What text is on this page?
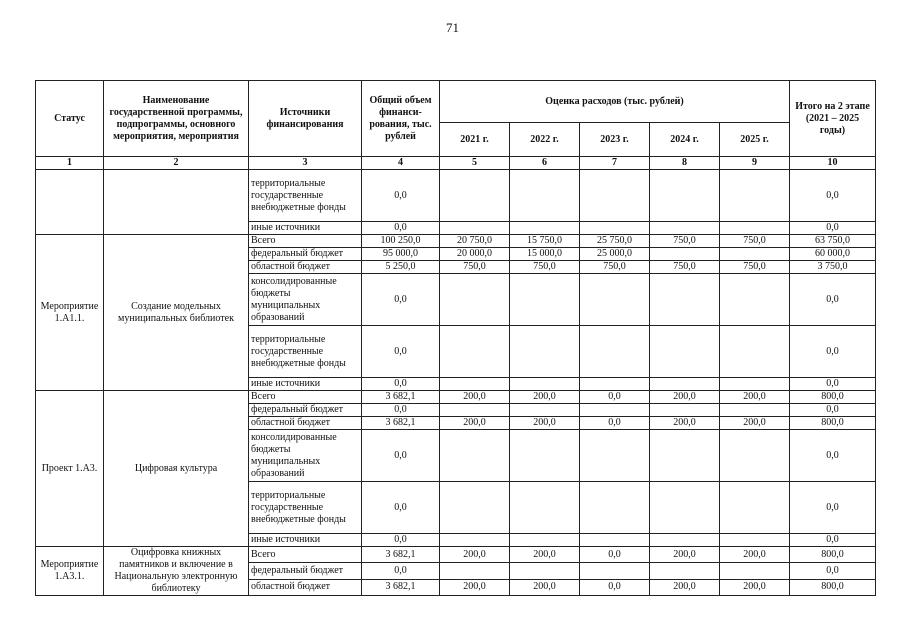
71
Статус	Наименование государственной программы, подпрограммы, основного мероприятия, мероприятия	Источники финансирования	Общий объем финанси-рования, тыс. рублей	Оценка расходов (тыс. рублей)					Итого на 2 этапе (2021 – 2025 годы)
				2021 г.	2022 г.	2023 г.	2024 г.	2025 г.	
1	2	3	4	5	6	7	8	9	10
		территориальные государственные внебюджетные фонды	0,0						0,0
		иные источники	0,0						0,0
Мероприятие 1.А1.1.	Создание модельных муниципальных библиотек	Всего	100 250,0	20 750,0	15 750,0	25 750,0	750,0	750,0	63 750,0
		федеральный бюджет	95 000,0	20 000,0	15 000,0	25 000,0			60 000,0
		областной бюджет	5 250,0	750,0	750,0	750,0	750,0	750,0	3 750,0
		консолидированные бюджеты муниципальных образований	0,0						0,0
		территориальные государственные внебюджетные фонды	0,0						0,0
		иные источники	0,0						0,0
Проект 1.А3.	Цифровая культура	Всего	3 682,1	200,0	200,0	0,0	200,0	200,0	800,0
		федеральный бюджет	0,0						0,0
		областной бюджет	3 682,1	200,0	200,0	0,0	200,0	200,0	800,0
		консолидированные бюджеты муниципальных образований	0,0						0,0
		территориальные государственные внебюджетные фонды	0,0						0,0
		иные источники	0,0						0,0
Мероприятие 1.А3.1.	Оцифровка книжных памятников и включение в Национальную электронную библиотеку	Всего	3 682,1	200,0	200,0	0,0	200,0	200,0	800,0
		федеральный бюджет	0,0						0,0
		областной бюджет	3 682,1	200,0	200,0	0,0	200,0	200,0	800,0
